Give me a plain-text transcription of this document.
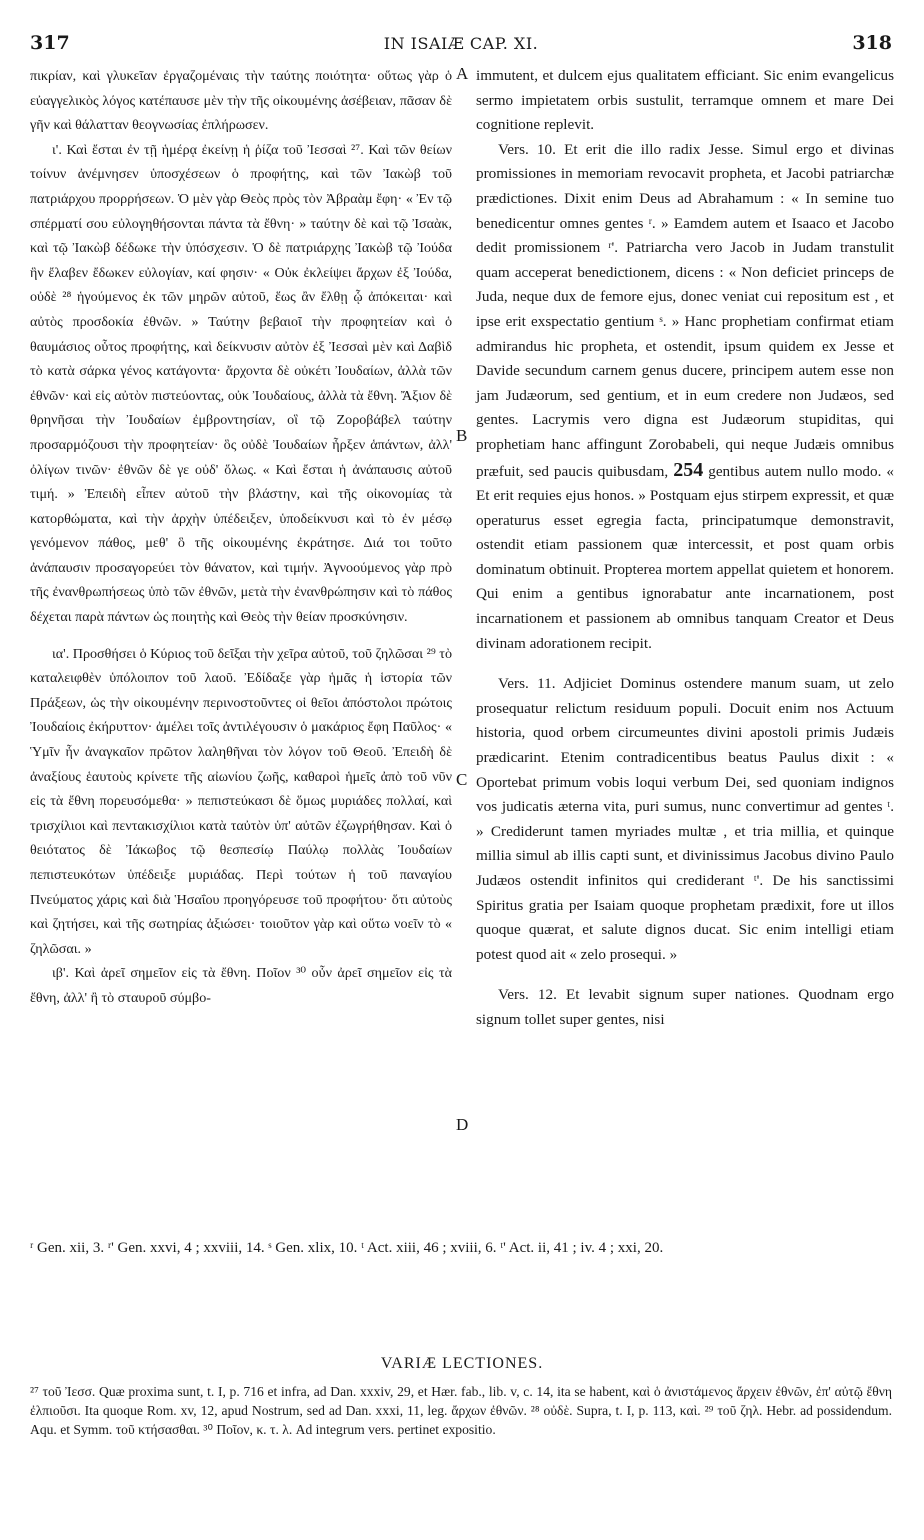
317	IN ISAIÆ CAP. XI.	318

πικρίαν, καὶ γλυκεῖαν ἐργαζομέναις τὴν ταύτης ποιότητα· οὕτως γὰρ ὁ εὐαγγελικὸς λόγος κατέπαυσε μὲν τὴν τῆς οἰκουμένης ἀσέβειαν, πᾶσαν δὲ γῆν καὶ θάλατταν θεογνωσίας ἐπλήρωσεν.

ι'. Καὶ ἔσται ἐν τῇ ἡμέρᾳ ἐκείνῃ ἡ ῥίζα τοῦ Ἰεσσαὶ ²⁷. Καὶ τῶν θείων τοίνυν ἀνέμνησεν ὑποσχέσεων ὁ προφήτης, καὶ τῶν Ἰακὼβ τοῦ πατριάρχου προρρήσεων. Ὁ μὲν γὰρ Θεὸς πρὸς τὸν Ἀβραὰμ ἔφη· « Ἐν τῷ σπέρματί σου εὐλογηθήσονται πάντα τὰ ἔθνη· » ταύτην δὲ καὶ τῷ Ἰσαὰκ, καὶ τῷ Ἰακὼβ δέδωκε τὴν ὑπόσχεσιν. Ὁ δὲ πατριάρχης Ἰακὼβ τῷ Ἰούδα ἣν ἔλαβεν ἔδωκεν εὐλογίαν, καί φησιν· « Οὐκ ἐκλείψει ἄρχων ἐξ Ἰούδα, οὐδὲ ²⁸ ἡγούμενος ἐκ τῶν μηρῶν αὐτοῦ, ἕως ἂν ἔλθῃ ᾧ ἀπόκειται· καὶ αὐτὸς προσδοκία ἐθνῶν. » Ταύτην βεβαιοῖ τὴν προφητείαν καὶ ὁ θαυμάσιος οὗτος προφήτης, καὶ δείκνυσιν αὐτὸν ἐξ Ἰεσσαὶ μὲν καὶ Δαβὶδ τὸ κατὰ σάρκα γένος κατάγοντα· ἄρχοντα δὲ οὐκέτι Ἰουδαίων, ἀλλὰ τῶν ἐθνῶν· καὶ εἰς αὐτὸν πιστεύοντας, οὐκ Ἰουδαίους, ἀλλὰ τὰ ἔθνη. Ἄξιον δὲ θρηνῆσαι τὴν Ἰουδαίων ἐμβροντησίαν, οἳ τῷ Ζοροβάβελ ταύτην προσαρμόζουσι τὴν προφητείαν· ὃς οὐδὲ Ἰουδαίων ἦρξεν ἁπάντων, ἀλλ' ὀλίγων τινῶν· ἐθνῶν δὲ γε οὐδ' ὅλως. « Καὶ ἔσται ἡ ἀνάπαυσις αὐτοῦ τιμή. » Ἐπειδὴ εἶπεν αὐτοῦ τὴν βλάστην, καὶ τῆς οἰκονομίας τὰ κατορθώματα, καὶ τὴν ἀρχὴν ὑπέδειξεν, ὑποδείκνυσι καὶ τὸ ἐν μέσῳ γενόμενον πάθος, μεθ' ὃ τῆς οἰκουμένης ἐκράτησε. Διά τοι τοῦτο ἀνάπαυσιν προσαγορεύει τὸν θάνατον, καὶ τιμήν. Ἀγνοούμενος γὰρ πρὸ τῆς ἐνανθρωπήσεως ὑπὸ τῶν ἐθνῶν, μετὰ τὴν ἐνανθρώπησιν καὶ τὸ πάθος δέχεται παρὰ πάντων ὡς ποιητὴς καὶ Θεὸς τὴν θείαν προσκύνησιν.

ια'. Προσθήσει ὁ Κύριος τοῦ δεῖξαι τὴν χεῖρα αὐτοῦ, τοῦ ζηλῶσαι ²⁹ τὸ καταλειφθὲν ὑπόλοιπον τοῦ λαοῦ. Ἐδίδαξε γὰρ ἡμᾶς ἡ ἱστορία τῶν Πράξεων, ὡς τὴν οἰκουμένην περινοστοῦντες οἱ θεῖοι ἀπόστολοι πρώτοις Ἰουδαίοις ἐκήρυττον· ἀμέλει τοῖς ἀντιλέγουσιν ὁ μακάριος ἔφη Παῦλος· « Ὑμῖν ἦν ἀναγκαῖον πρῶτον λαληθῆναι τὸν λόγον τοῦ Θεοῦ. Ἐπειδὴ δὲ ἀναξίους ἑαυτοὺς κρίνετε τῆς αἰωνίου ζωῆς, καθαροὶ ἡμεῖς ἀπὸ τοῦ νῦν εἰς τὰ ἔθνη πορευσόμεθα· » πεπιστεύκασι δὲ ὅμως μυριάδες πολλαί, καὶ τρισχίλιοι καὶ πεντακισχίλιοι κατὰ ταὐτὸν ὑπ' αὐτῶν ἐζωγρήθησαν. Καὶ ὁ θειότατος δὲ Ἰάκωβος τῷ θεσπεσίῳ Παύλῳ πολλὰς Ἰουδαίων πεπιστευκότων ὑπέδειξε μυριάδας. Περὶ τούτων ἡ τοῦ παναγίου Πνεύματος χάρις καὶ διὰ Ἡσαΐου προηγόρευσε τοῦ προφήτου· ὅτι αὐτοὺς καὶ ζητήσει, καὶ τῆς σωτηρίας ἀξιώσει· τοιοῦτον γὰρ καὶ οὕτω νοεῖν τὸ « ζηλῶσαι. »

ιβ'. Καὶ ἀρεῖ σημεῖον εἰς τὰ ἔθνη. Ποῖον ³⁰ οὖν ἀρεῖ σημεῖον εἰς τὰ ἔθνη, ἀλλ' ἢ τὸ σταυροῦ σύμβο-

A
B
C
D

immutent, et dulcem ejus qualitatem efficiant. Sic enim evangelicus sermo impietatem orbis sustulit, terramque omnem et mare Dei cognitione replevit.

Vers. 10. Et erit die illo radix Jesse. Simul ergo et divinas promissiones in memoriam revocavit propheta, et Jacobi patriarchæ prædictiones. Dixit enim Deus ad Abrahamum : « In semine tuo benedicentur omnes gentes ʳ. » Eamdem autem et Isaaco et Jacobo dedit promissionem ʳ'. Patriarcha vero Jacob in Judam transtulit quam acceperat benedictionem, dicens : « Non deficiet princeps de Juda, neque dux de femore ejus, donec veniat cui repositum est , et ipse erit exspectatio gentium ˢ. » Hanc prophetiam confirmat etiam admirandus hic propheta, et ostendit, ipsum quidem ex Jesse et Davide secundum carnem genus ducere, principem autem esse non jam Judæorum, sed gentium, et in eum credere non Judæos, sed gentes. Lacrymis vero digna est Judæorum stupiditas, qui prophetiam hanc affingunt Zorobabeli, qui neque Judæis omnibus præfuit, sed paucis quibusdam, 254 gentibus autem nullo modo. « Et erit requies ejus honos. » Postquam ejus stirpem expressit, et quæ operaturus esset egregia facta, principatumque demonstravit, ostendit etiam passionem quæ intercessit, et post quam orbis dominatum obtinuit. Propterea mortem appellat quietem et honorem. Qui enim a gentibus ignorabatur ante incarnationem, post incarnationem et passionem ab omnibus tanquam Creator et Deus divinam adorationem recipit.

Vers. 11. Adjiciet Dominus ostendere manum suam, ut zelo prosequatur relictum residuum populi. Docuit enim nos Actuum historia, quod orbem circumeuntes divini apostoli primis Judæis prædicarint. Etenim contradicentibus beatus Paulus dixit : « Oportebat primum vobis loqui verbum Dei, sed quoniam indignos vos judicatis æterna vita, puri sumus, nunc convertimur ad gentes ᵗ. » Crediderunt tamen myriades multæ , et tria millia, et quinque millia simul ab illis capti sunt, et divinissimus Jacobus divino Paulo Judæos ostendit infinitos qui crediderant ᵗ'. De his sanctissimi Spiritus gratia per Isaiam quoque prophetam prædixit, fore ut illos quoque quærat, et salute dignos ducat. Sic enim intelligi etiam potest quod ait « zelo prosequi. »

Vers. 12. Et levabit signum super nationes. Quodnam ergo signum tollet super gentes, nisi

ʳ Gen. xii, 3. ʳ' Gen. xxvi, 4 ; xxviii, 14. ˢ Gen. xlix, 10. ᵗ Act. xiii, 46 ; xviii, 6. ᵗ' Act. ii, 41 ; iv. 4 ; xxi, 20.

VARIÆ LECTIONES.

²⁷ τοῦ Ἰεσσ. Quæ proxima sunt, t. I, p. 716 et infra, ad Dan. xxxiv, 29, et Hær. fab., lib. v, c. 14, ita se habent, καὶ ὁ ἀνιστάμενος ἄρχειν ἐθνῶν, ἐπ' αὐτῷ ἔθνη ἐλπιοῦσι. Ita quoque Rom. xv, 12, apud Nostrum, sed ad Dan. xxxi, 11, leg. ἄρχων ἐθνῶν. ²⁸ οὐδὲ. Supra, t. I, p. 113, καὶ. ²⁹ τοῦ ζηλ. Hebr. ad possidendum. Aqu. et Symm. τοῦ κτήσασθαι. ³⁰ Ποῖον, κ. τ. λ. Ad integrum vers. pertinet expositio.
